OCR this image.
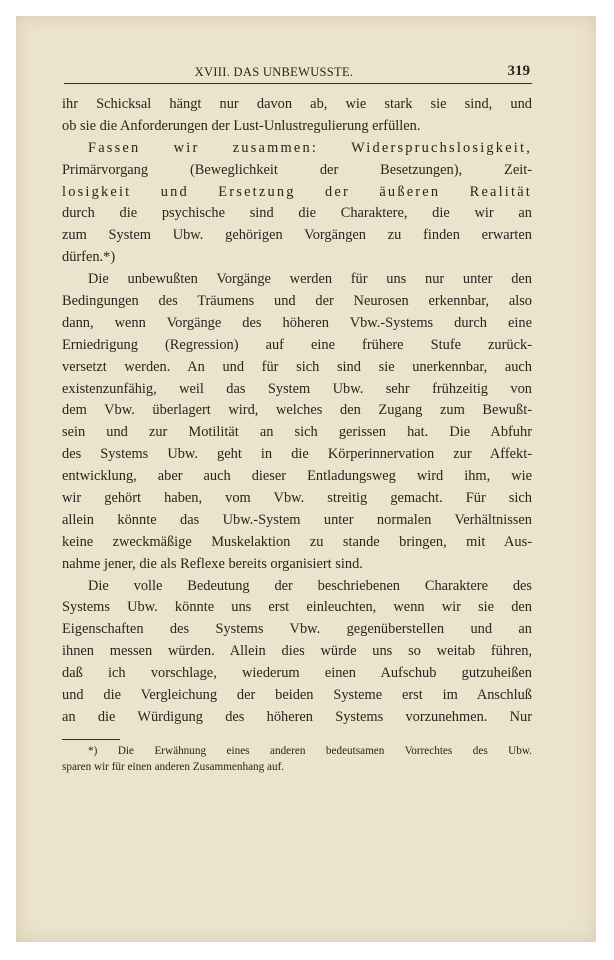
XVIII. DAS UNBEWUSSTE.	319
ihr Schicksal hängt nur davon ab, wie stark sie sind, und
ob sie die Anforderungen der Lust-Unlustregulierung erfüllen.
Fassen wir zusammen: Widerspruchslosigkeit,
Primärvorgang (Beweglichkeit der Besetzungen), Zeit-
losigkeit und Ersetzung der äußeren Realität
durch die psychische sind die Charaktere, die wir an
zum System Ubw. gehörigen Vorgängen zu finden erwarten
dürfen.*)
Die unbewußten Vorgänge werden für uns nur unter den
Bedingungen des Träumens und der Neurosen erkennbar, also
dann, wenn Vorgänge des höheren Vbw.-Systems durch eine
Erniedrigung (Regression) auf eine frühere Stufe zurück-
versetzt werden. An und für sich sind sie unerkennbar, auch
existenzunfähig, weil das System Ubw. sehr frühzeitig von
dem Vbw. überlagert wird, welches den Zugang zum Bewußt-
sein und zur Motilität an sich gerissen hat. Die Abfuhr
des Systems Ubw. geht in die Körperinnervation zur Affekt-
entwicklung, aber auch dieser Entladungsweg wird ihm, wie
wir gehört haben, vom Vbw. streitig gemacht. Für sich
allein könnte das Ubw.-System unter normalen Verhältnissen
keine zweckmäßige Muskelaktion zu stande bringen, mit Aus-
nahme jener, die als Reflexe bereits organisiert sind.
Die volle Bedeutung der beschriebenen Charaktere des
Systems Ubw. könnte uns erst einleuchten, wenn wir sie den
Eigenschaften des Systems Vbw. gegenüberstellen und an
ihnen messen würden. Allein dies würde uns so weitab führen,
daß ich vorschlage, wiederum einen Aufschub gutzuheißen
und die Vergleichung der beiden Systeme erst im Anschluß
an die Würdigung des höheren Systems vorzunehmen. Nur
*) Die Erwähnung eines anderen bedeutsamen Vorrechtes des Ubw.
sparen wir für einen anderen Zusammenhang auf.
